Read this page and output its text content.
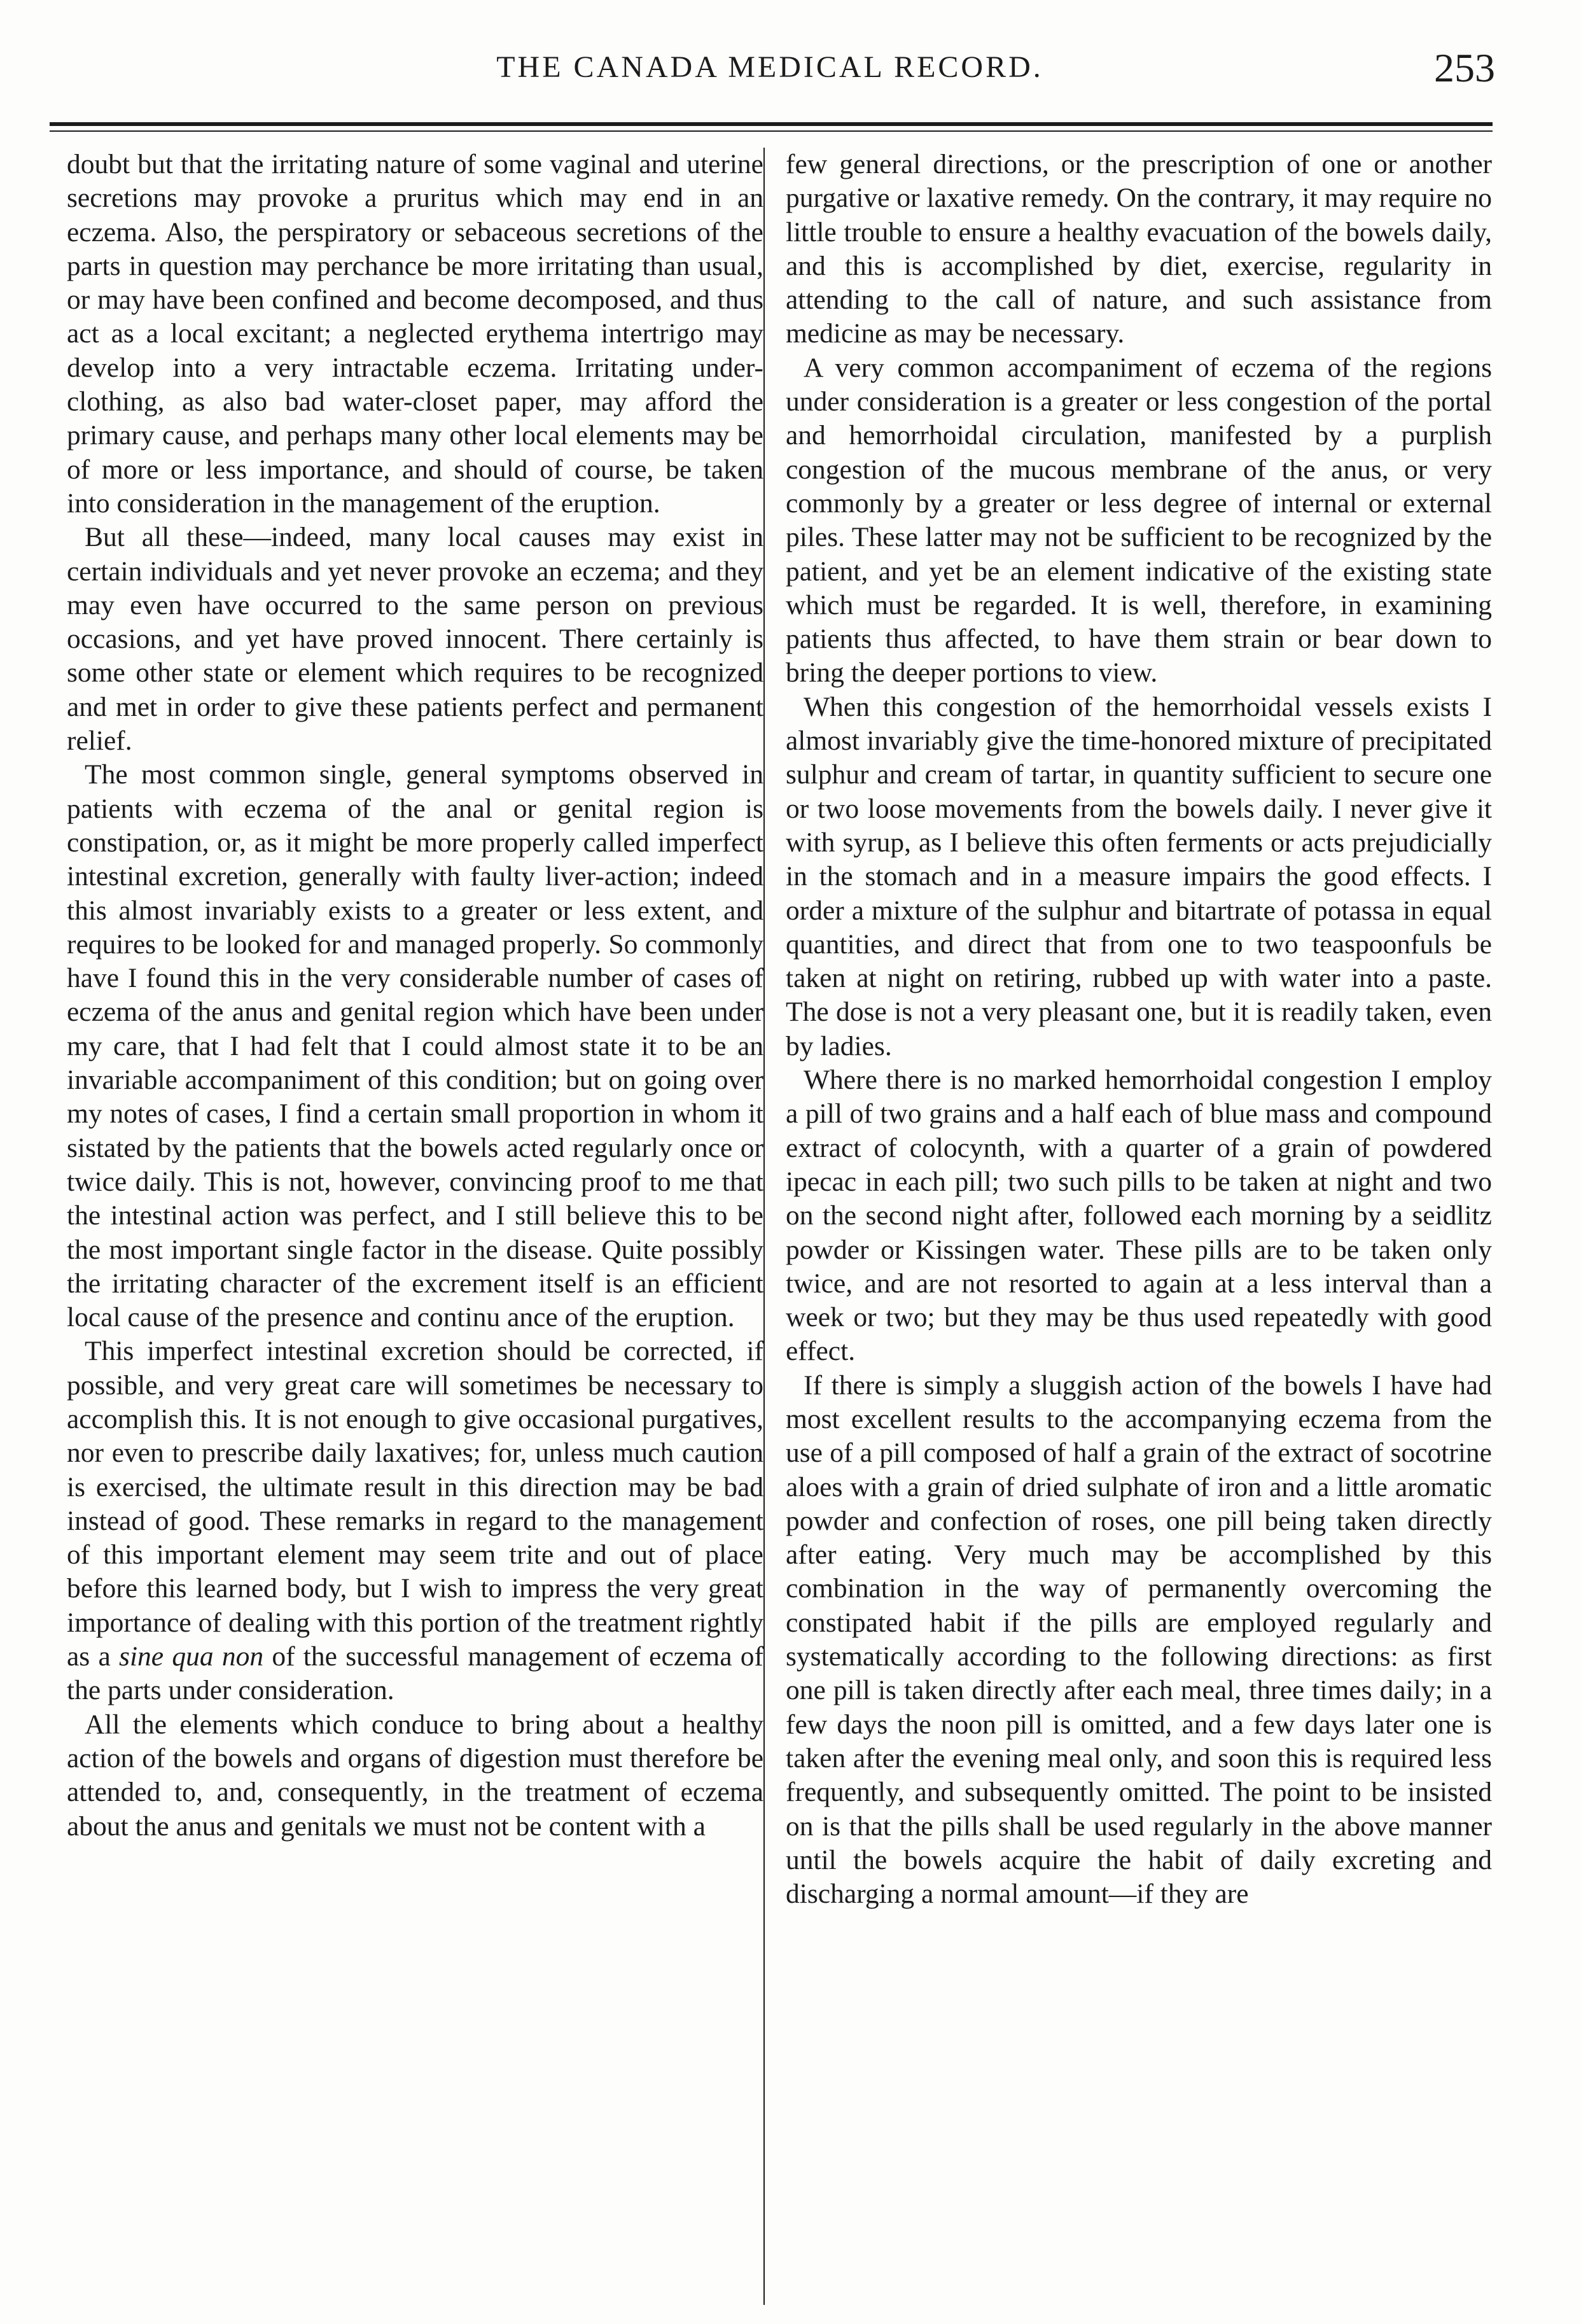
THE CANADA MEDICAL RECORD.	253

doubt but that the irritating nature of some vaginal and uterine secretions may provoke a pruritus which may end in an eczema. Also, the perspiratory or sebaceous secretions of the parts in question may perchance be more irritating than usual, or may have been confined and become decomposed, and thus act as a local excitant; a neglected erythema intertrigo may develop into a very intractable eczema. Irritating under-clothing, as also bad water-closet paper, may afford the primary cause, and perhaps many other local elements may be of more or less importance, and should of course, be taken into consideration in the management of the eruption.

But all these—indeed, many local causes may exist in certain individuals and yet never provoke an eczema; and they may even have occurred to the same person on previous occasions, and yet have proved innocent. There certainly is some other state or element which requires to be recognized and met in order to give these patients perfect and permanent relief.

The most common single, general symptoms observed in patients with eczema of the anal or genital region is constipation, or, as it might be more properly called imperfect intestinal excretion, generally with faulty liver-action; indeed this almost invariably exists to a greater or less extent, and requires to be looked for and managed properly. So commonly have I found this in the very considerable number of cases of eczema of the anus and genital region which have been under my care, that I had felt that I could almost state it to be an invariable accompaniment of this condition; but on going over my notes of cases, I find a certain small proportion in whom it sistated by the patients that the bowels acted regularly once or twice daily. This is not, however, convincing proof to me that the intestinal action was perfect, and I still believe this to be the most important single factor in the disease. Quite possibly the irritating character of the excrement itself is an efficient local cause of the presence and continu ance of the eruption.

This imperfect intestinal excretion should be corrected, if possible, and very great care will sometimes be necessary to accomplish this. It is not enough to give occasional purgatives, nor even to prescribe daily laxatives; for, unless much caution is exercised, the ultimate result in this direction may be bad instead of good. These remarks in regard to the management of this important element may seem trite and out of place before this learned body, but I wish to impress the very great importance of dealing with this portion of the treatment rightly as a sine qua non of the successful management of eczema of the parts under consideration.

All the elements which conduce to bring about a healthy action of the bowels and organs of digestion must therefore be attended to, and, consequently, in the treatment of eczema about the anus and genitals we must not be content with a

few general directions, or the prescription of one or another purgative or laxative remedy. On the contrary, it may require no little trouble to ensure a healthy evacuation of the bowels daily, and this is accomplished by diet, exercise, regularity in attending to the call of nature, and such assistance from medicine as may be necessary.

A very common accompaniment of eczema of the regions under consideration is a greater or less congestion of the portal and hemorrhoidal circulation, manifested by a purplish congestion of the mucous membrane of the anus, or very commonly by a greater or less degree of internal or external piles. These latter may not be sufficient to be recognized by the patient, and yet be an element indicative of the existing state which must be regarded. It is well, therefore, in examining patients thus affected, to have them strain or bear down to bring the deeper portions to view.

When this congestion of the hemorrhoidal vessels exists I almost invariably give the time-honored mixture of precipitated sulphur and cream of tartar, in quantity sufficient to secure one or two loose movements from the bowels daily. I never give it with syrup, as I believe this often ferments or acts prejudicially in the stomach and in a measure impairs the good effects. I order a mixture of the sulphur and bitartrate of potassa in equal quantities, and direct that from one to two teaspoonfuls be taken at night on retiring, rubbed up with water into a paste. The dose is not a very pleasant one, but it is readily taken, even by ladies.

Where there is no marked hemorrhoidal congestion I employ a pill of two grains and a half each of blue mass and compound extract of colocynth, with a quarter of a grain of powdered ipecac in each pill; two such pills to be taken at night and two on the second night after, followed each morning by a seidlitz powder or Kissingen water. These pills are to be taken only twice, and are not resorted to again at a less interval than a week or two; but they may be thus used repeatedly with good effect.

If there is simply a sluggish action of the bowels I have had most excellent results to the accompanying eczema from the use of a pill composed of half a grain of the extract of socotrine aloes with a grain of dried sulphate of iron and a little aromatic powder and confection of roses, one pill being taken directly after eating. Very much may be accomplished by this combination in the way of permanently overcoming the constipated habit if the pills are employed regularly and systematically according to the following directions: as first one pill is taken directly after each meal, three times daily; in a few days the noon pill is omitted, and a few days later one is taken after the evening meal only, and soon this is required less frequently, and subsequently omitted. The point to be insisted on is that the pills shall be used regularly in the above manner until the bowels acquire the habit of daily excreting and discharging a normal amount—if they are
